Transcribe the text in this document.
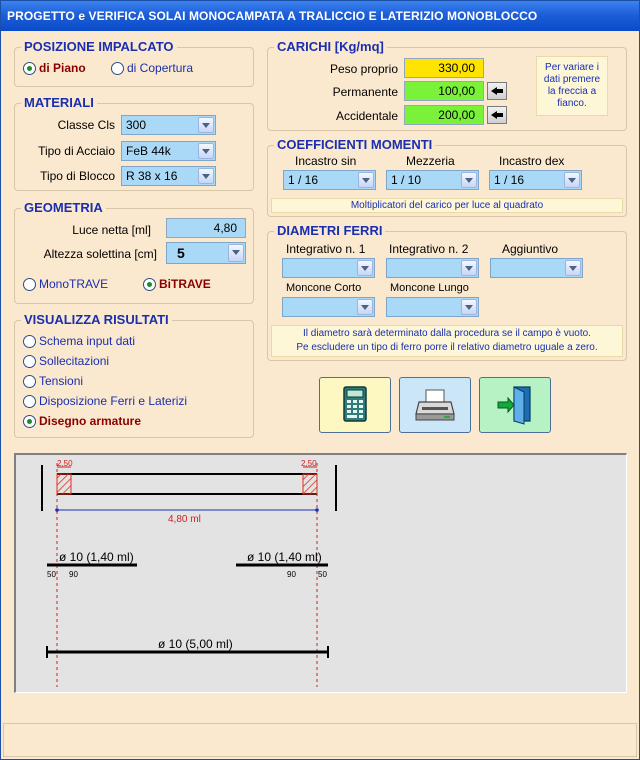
PROGETTO e VERIFICA SOLAI MONOCAMPATA A TRALICCIO E LATERIZIO MONOBLOCCO
POSIZIONE IMPALCATO
di Piano	di Copertura
MATERIALI
Classe Cls 300
Tipo di Acciaio FeB 44k
Tipo di Blocco R 38 x 16
GEOMETRIA
Luce netta [ml]	4,80
Altezza solettina [cm] 5
MonoTRAVE	BiTRAVE
VISUALIZZA RISULTATI
Schema input dati
Sollecitazioni
Tensioni
Disposizione Ferri e Laterizi
Disegno armature
CARICHI [Kg/mq]
Peso proprio	330,00
Permanente	100,00
Accidentale	200,00
Per variare i dati premere la freccia a fianco.
COEFFICIENTI MOMENTI
Incastro sin	Mezzeria	Incastro dex
1 / 16	1 / 10	1 / 16
Moltiplicatori del carico per luce al quadrato
DIAMETRI FERRI
Integrativo n. 1 Integrativo n. 2	Aggiuntivo
Moncone Corto	Moncone Lungo
Il diametro sarà determinato dalla procedura se il campo è vuoto.
Pe escludere un tipo di ferro porre il relativo diametro uguale a zero.
2,50	2,50
4,80 ml
ø 10 (1,40 ml)
50 90
ø 10 (1,40 ml)
90	50
ø 10 (5,00 ml)
